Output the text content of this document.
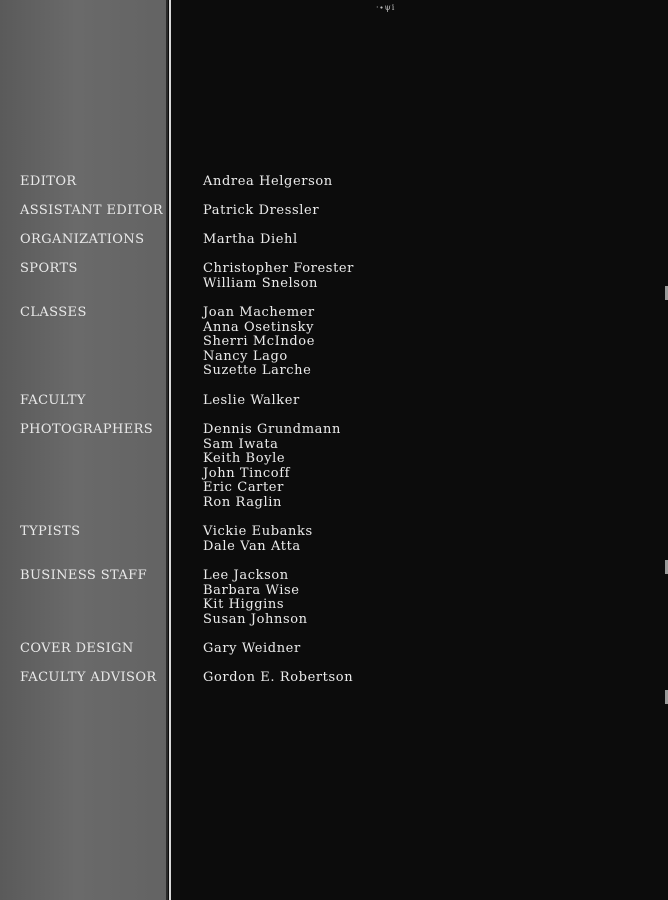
·∙ψi
EDITOR	Andrea Helgerson
ASSISTANT EDITOR	Patrick Dressler
ORGANIZATIONS	Martha Diehl
SPORTS	Christopher Forester
William Snelson
CLASSES	Joan Machemer
Anna Osetinsky
Sherri McIndoe
Nancy Lago
Suzette Larche
FACULTY	Leslie Walker
PHOTOGRAPHERS	Dennis Grundmann
Sam Iwata
Keith Boyle
John Tincoff
Eric Carter
Ron Raglin
TYPISTS	Vickie Eubanks
Dale Van Atta
BUSINESS STAFF	Lee Jackson
Barbara Wise
Kit Higgins
Susan Johnson
COVER DESIGN	Gary Weidner
FACULTY ADVISOR	Gordon E. Robertson
